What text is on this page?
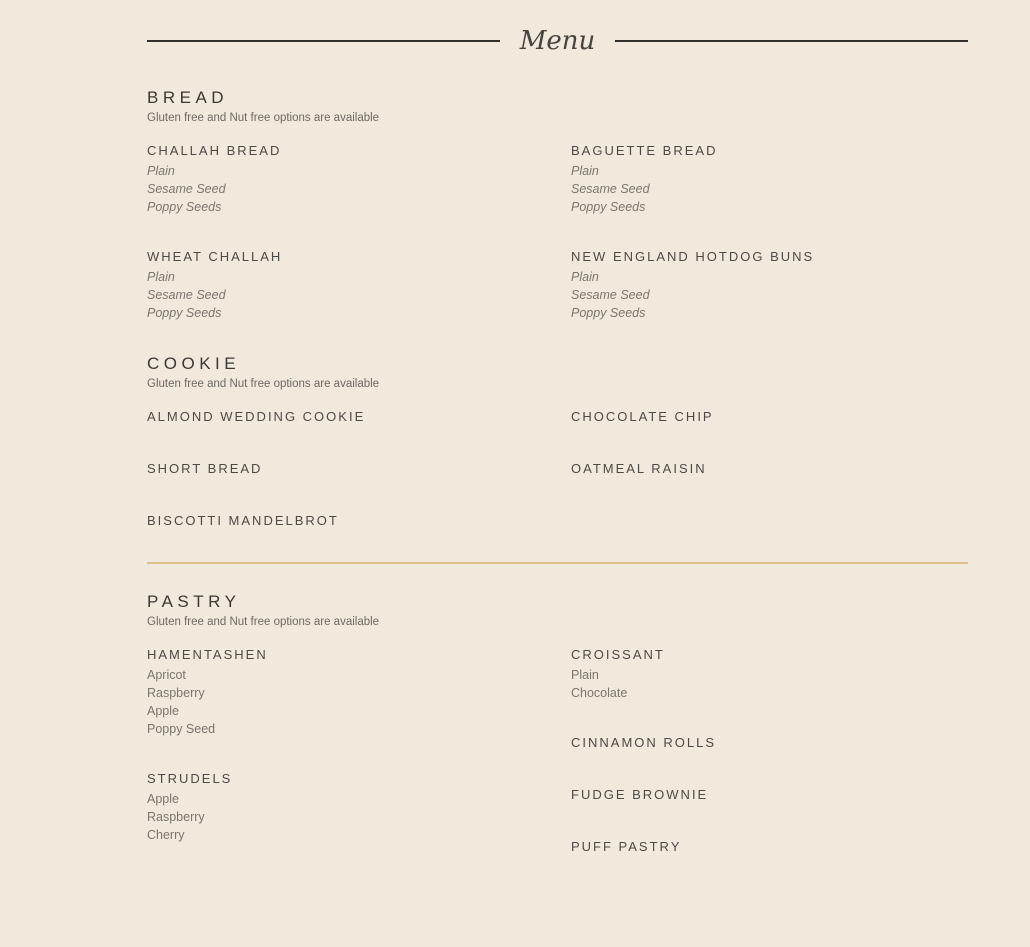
Menu
BREAD

Gluten free and Nut free options are available

CHALLAH BREAD
Plain
Sesame Seed
Poppy Seeds
WHEAT CHALLAH
Plain
Sesame Seed
Poppy Seeds
BAGUETTE BREAD
Plain
Sesame Seed
Poppy Seeds
NEW ENGLAND HOTDOG BUNS
Plain
Sesame Seed
Poppy Seeds
COOKIE

Gluten free and Nut free options are available

ALMOND WEDDING COOKIE
SHORT BREAD
BISCOTTI MANDELBROT
CHOCOLATE CHIP
OATMEAL RAISIN
PASTRY

Gluten free and Nut free options are available

HAMENTASHEN
Apricot
Raspberry
Apple
Poppy Seed
STRUDELS
Apple
Raspberry
Cherry
CROISSANT
Plain
Chocolate
CINNAMON ROLLS
FUDGE BROWNIE
PUFF PASTRY
